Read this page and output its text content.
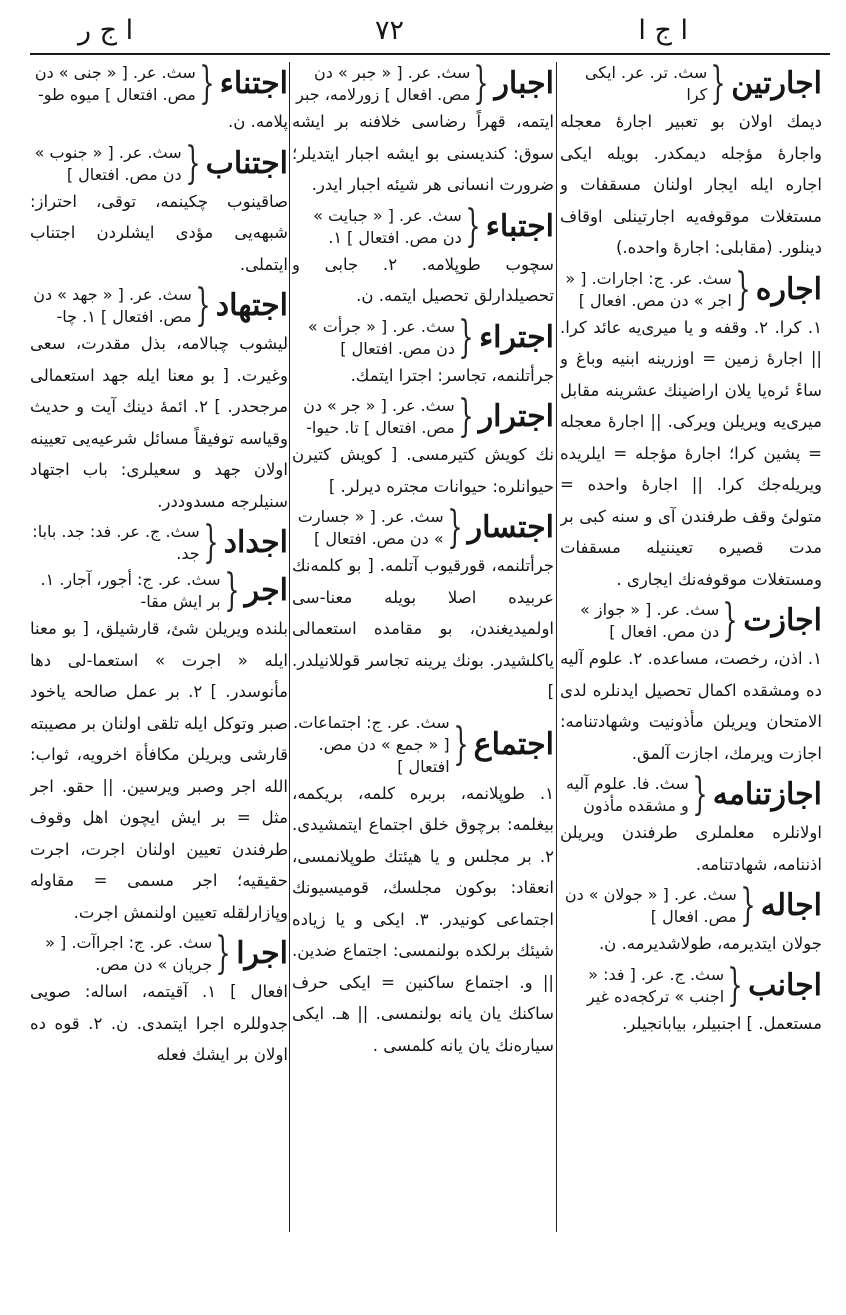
ا ج ا
٧٢
ا ج ر
اجارتين
{
سث. تر. عر. ايكى كرا

ديمك اولان بو تعبير اجارهٔ معجله واجارهٔ مؤجله ديمكدر. بويله ايكى اجاره ايله ايجار اولنان مسقفات و مستغلات موقوفه‌يه اجارتينلى اوقاف دينلور. (مقابلى: اجارهٔ واحده.)

اجاره
{
سث. عر. ج: اجارات. [ « اجر » دن مص. افعال ]

١. كرا. ٢. وقفه و يا ميرى‌يه عائد كرا. || اجارهٔ زمين = اوزرينه ابنيه وباغ و ساءٔ ئره‌يا يلان اراضينك عشرينه مقابل ميرى‌يه ويريلن ويركى. || اجارهٔ معجله = پشين كرا؛ اجارهٔ مؤجله = ايلريده ويريله‌جك كرا. || اجارهٔ واحده = متولىٔ وقف طرفندن آى و سنه كبى بر مدت قصيره تعيننيله مسقفات ومستغلات موقوفه‌نك ايجارى .

اجازت
{
سث. عر. [ « جواز » دن مص. افعال ]

١. اذن، رخصت، مساعده. ٢. علوم آليه ده ومشقده اكمال تحصيل ايدنلره لدى الامتحان ويريلن مأذونيت وشهادتنامه: اجازت ويرمك، اجازت آلمق.

اجازتنامه
{
سث. فا. علوم آليه و مشقده مأذون

اولانلره معلملرى طرفندن ويريلن اذننامه، شهادتنامه.

اجاله
{
سث. عر. [ « جولان » دن مص. افعال ]

جولان ايتديرمه، طولاشديرمه. ن.

اجانب
{
سث. ج. عر. [ فد: « اجنب » تركجه‌ده غير

مستعمل. ] اجنبيلر، بيابانجيلر.

اجبار
{
سث. عر. [ « جبر » دن مص. افعال ] زورلامه، جبر

ايتمه، قهراً رضاسى خلافنه بر ايشه سوق: كنديسنى بو ايشه اجبار ايتديلر؛ ضرورت انسانى هر شيئه اجبار ايدر.

اجتباء
{
سث. عر. [ « جبايت » دن مص. افتعال ] ١.

سچوب طوپلامه. ٢. جابى و تحصيلدارلق تحصيل ايتمه. ن.

اجتراء
{
سث. عر. [ « جرأت » دن مص. افتعال ]

جرأتلنمه، تجاسر: اجترا ايتمك.

اجترار
{
سث. عر. [ « جر » دن مص. افتعال ] تا. حيوا-

نك كويش كتيرمسى. [ كويش كتيرن حيوانلره: حيوانات مجتره ديرلر. ]

اجتسار
{
سث. عر. [ « جسارت » دن مص. افتعال ]

جرأتلنمه، قورقيوب آتلمه. [ بو كلمه‌نك عربيده اصلا بويله معنا-سى اولميديغندن، بو مقامده استعمالى ياكلشيدر. بونك يرينه تجاسر قوللانيلدر. ]

اجتماع
{
سث. عر. ج: اجتماعات. [ « جمع » دن مص. افتعال ]

١. طوپلانمه، بربره كلمه، بريكمه، بيغلمه: برچوق خلق اجتماع ايتمشيدى. ٢. بر مجلس و يا هيئتك طوپلانمسى، انعقاد: بوكون مجلسك، قوميسيونك اجتماعى كونيدر. ٣. ايكى و يا زياده شيئك برلكده بولنمسى: اجتماع ضدين. || و. اجتماع ساكنين = ايكى حرف ساكنك يان يانه بولنمسى. || هـ. ايكى سياره‌نك يان يانه كلمسى .

اجتناء
{
سث. عر. [ « جنى » دن مص. افتعال ] ميوه طو-

پلامه. ن.

اجتناب
{
سث. عر. [ « جنوب » دن مص. افتعال ]

صاقينوب چكينمه، توقى، احتراز: شبهه‌يى مؤدى ايشلردن اجتناب ايتملى.

اجتهاد
{
سث. عر. [ « جهد » دن مص. افتعال ] ١. چا-

ليشوب چباﻻمه، بذل مقدرت، سعى وغيرت. [ بو معنا ايله جهد استعمالى مرجحدر. ] ٢. ائمهٔ دينك آيت و حديث وقياسه توفيقاً مسائل شرعيه‌يى تعيينه اولان جهد و سعيلرى: باب اجتهاد سنيلرجه مسدوددر.

اجداد
{
سث. ج. عر. فد: جد. بابا: جد.

اجر
{
سث. عر. ج: أجور، آجار. ١. بر ايش مقا-

بلنده ويريلن شئ، قارشيلق، [ بو معنا ايله « اجرت » استعما-لى دها مأنوسدر. ] ٢. بر عمل صالحه ياخود صبر وتوكل ايله تلقى اولنان بر مصيبته قارشى ويريلن مكافأة اخرويه، ثواب: الله اجر وصبر ويرسين. || حقو. اجر مثل = بر ايش ايچون اهل وقوف طرفندن تعيين اولنان اجرت، اجرت حقيقيه؛ اجر مسمى = مقاوله وپازارلقله تعيين اولنمش اجرت.

اجرا
{
سث. عر. ج: اجراآت. [ « جريان » دن مص.

افعال ] ١. آقيتمه، اساله: صويى جدوللره اجرا ايتمدى. ن. ٢. قوه ده اولان بر ايشك فعله
